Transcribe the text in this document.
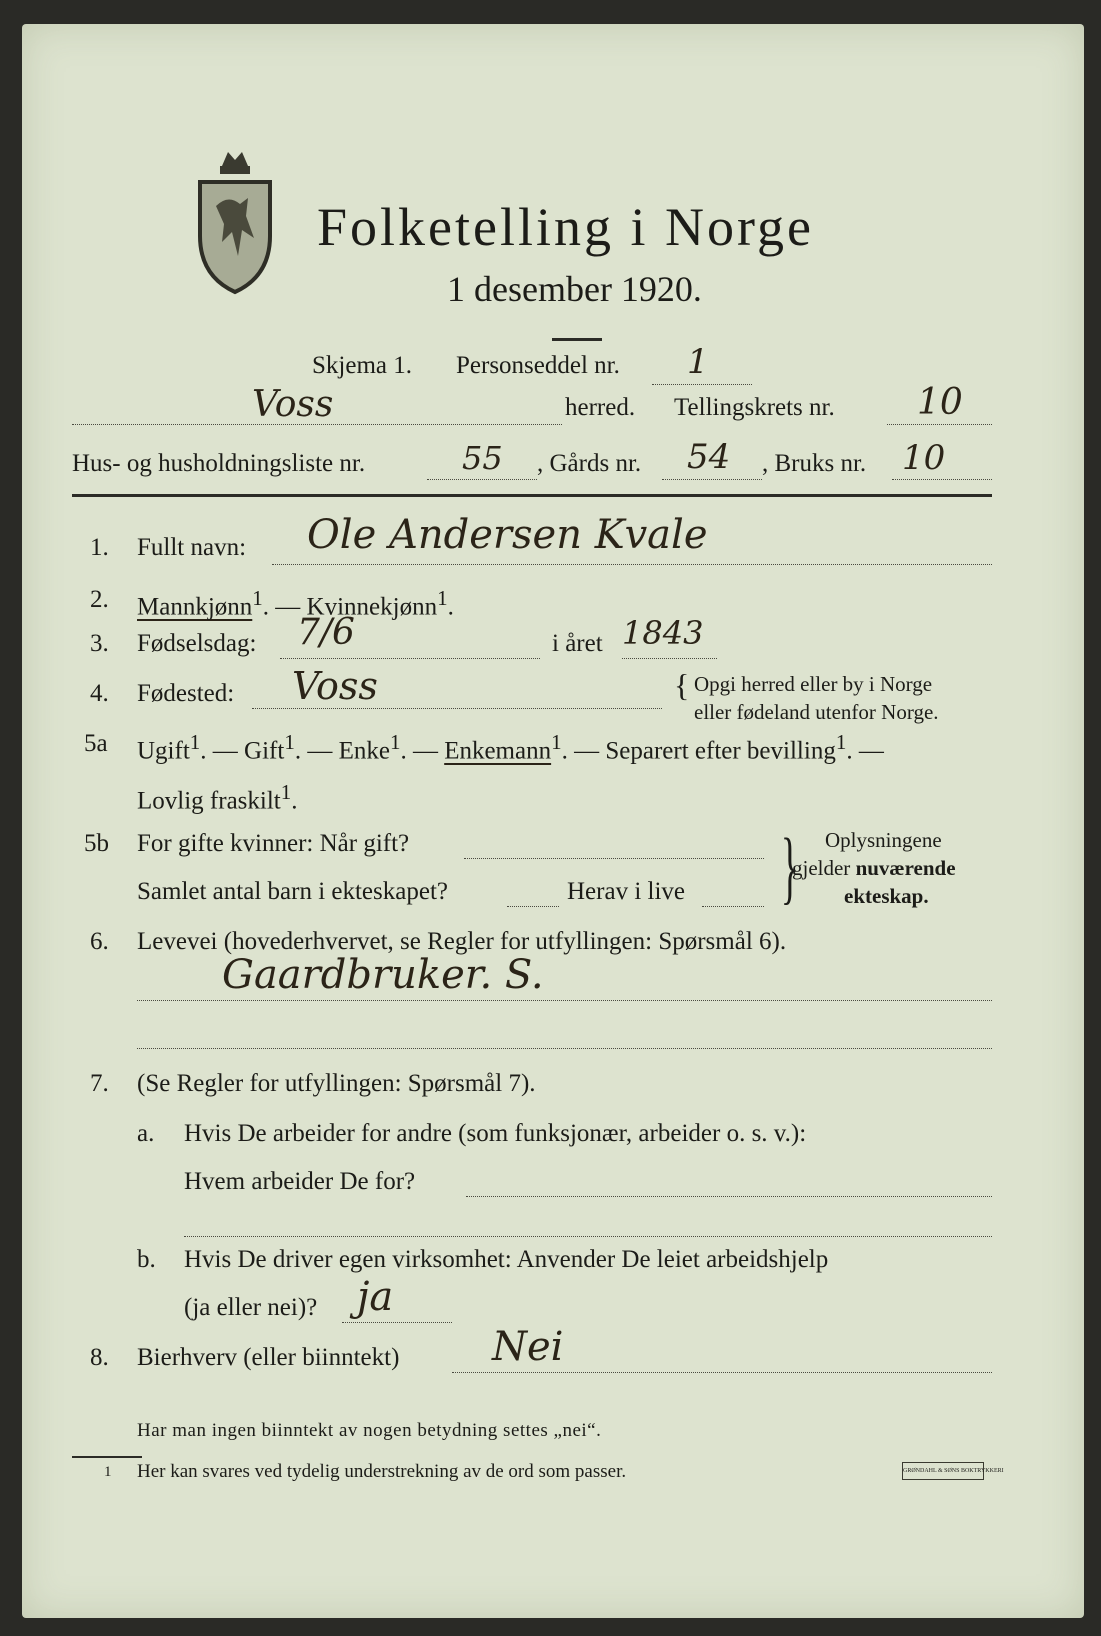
Folketelling i Norge
1 desember 1920.
Skjema 1. Personseddel nr. 1
Voss	herred. Tellingskrets nr. 10
Hus- og husholdningsliste nr.	55 , Gårds nr. 54 , Bruks nr. 10
1. Fullt navn: Ole Andersen Kvale
2. Mannkjønn$^1$. — Kvinnekjønn$^1$.
3. Fødselsdag: 7/6	i året 1843
4. Fødested: Voss	{ Opgi herred eller by i Norge
eller fødeland utenfor Norge.
5a Ugift$^1$. — Gift$^1$. — Enke$^1$. — Enkemann$^1$. — Separert efter bevilling$^1$. —
Lovlig fraskilt$^1$.
5b For gifte kvinner: Når gift?
Samlet antal barn i ekteskapet?	Herav i live } Oplysningene
gjelder nuværende
ekteskap.
6. Levevei (hovederhvervet, se Regler for utfyllingen: Spørsmål 6).
Gaardbruker. S.
7. (Se Regler for utfyllingen: Spørsmål 7).
a. Hvis De arbeider for andre (som funksjonær, arbeider o. s. v.):
Hvem arbeider De for?
b. Hvis De driver egen virksomhet: Anvender De leiet arbeidshjelp
(ja eller nei)? ja
8. Bierhverv (eller biinntekt) Nei
Har man ingen biinntekt av nogen betydning settes „nei“.
1 Her kan svares ved tydelig understrekning av de ord som passer.	GRØNDAHL & SØNS BOKTRYKKERI
